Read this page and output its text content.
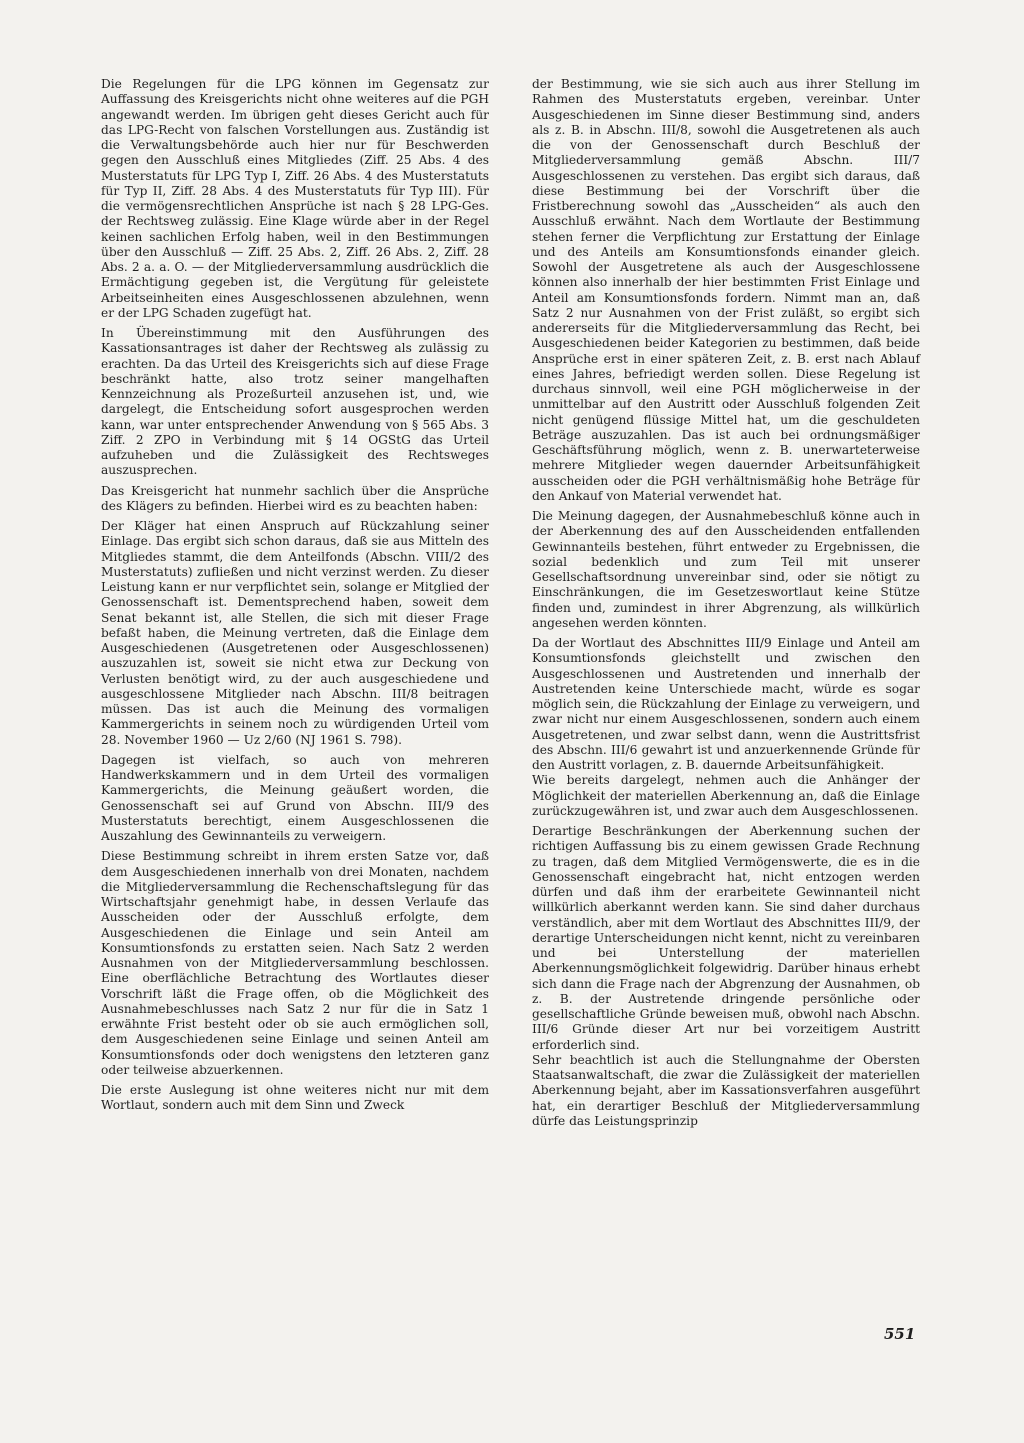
Die Regelungen für die LPG können im Gegensatz zur Auffassung des Kreisgerichts nicht ohne weiteres auf die PGH angewandt werden. Im übrigen geht dieses Gericht auch für das LPG-Recht von falschen Vorstellungen aus. Zuständig ist die Verwaltungsbehörde auch hier nur für Beschwerden gegen den Ausschluß eines Mitgliedes (Ziff. 25 Abs. 4 des Musterstatuts für LPG Typ I, Ziff. 26 Abs. 4 des Musterstatuts für Typ II, Ziff. 28 Abs. 4 des Musterstatuts für Typ III). Für die vermögensrechtlichen Ansprüche ist nach § 28 LPG-Ges. der Rechtsweg zulässig. Eine Klage würde aber in der Regel keinen sachlichen Erfolg haben, weil in den Bestimmungen über den Ausschluß — Ziff. 25 Abs. 2, Ziff. 26 Abs. 2, Ziff. 28 Abs. 2 a. a. O. — der Mitgliederversammlung ausdrücklich die Ermächtigung gegeben ist, die Vergütung für geleistete Arbeitseinheiten eines Ausgeschlossenen abzulehnen, wenn er der LPG Schaden zugefügt hat.

In Übereinstimmung mit den Ausführungen des Kassationsantrages ist daher der Rechtsweg als zulässig zu erachten. Da das Urteil des Kreisgerichts sich auf diese Frage beschränkt hatte, also trotz seiner mangelhaften Kennzeichnung als Prozeßurteil anzusehen ist, und, wie dargelegt, die Entscheidung sofort ausgesprochen werden kann, war unter entsprechender Anwendung von § 565 Abs. 3 Ziff. 2 ZPO in Verbindung mit § 14 OGStG das Urteil aufzuheben und die Zulässigkeit des Rechtsweges auszusprechen.

Das Kreisgericht hat nunmehr sachlich über die Ansprüche des Klägers zu befinden. Hierbei wird es zu beachten haben:

Der Kläger hat einen Anspruch auf Rückzahlung seiner Einlage. Das ergibt sich schon daraus, daß sie aus Mitteln des Mitgliedes stammt, die dem Anteilfonds (Abschn. VIII/2 des Musterstatuts) zufließen und nicht verzinst werden. Zu dieser Leistung kann er nur verpflichtet sein, solange er Mitglied der Genossenschaft ist. Dementsprechend haben, soweit dem Senat bekannt ist, alle Stellen, die sich mit dieser Frage befaßt haben, die Meinung vertreten, daß die Einlage dem Ausgeschiedenen (Ausgetretenen oder Ausgeschlossenen) auszuzahlen ist, soweit sie nicht etwa zur Deckung von Verlusten benötigt wird, zu der auch ausgeschiedene und ausgeschlossene Mitglieder nach Abschn. III/8 beitragen müssen. Das ist auch die Meinung des vormaligen Kammergerichts in seinem noch zu würdigenden Urteil vom 28. November 1960 — Uz 2/60 (NJ 1961 S. 798).

Dagegen ist vielfach, so auch von mehreren Handwerkskammern und in dem Urteil des vormaligen Kammergerichts, die Meinung geäußert worden, die Genossenschaft sei auf Grund von Abschn. III/9 des Musterstatuts berechtigt, einem Ausgeschlossenen die Auszahlung des Gewinnanteils zu verweigern.

Diese Bestimmung schreibt in ihrem ersten Satze vor, daß dem Ausgeschiedenen innerhalb von drei Monaten, nachdem die Mitgliederversammlung die Rechenschaftslegung für das Wirtschaftsjahr genehmigt habe, in dessen Verlaufe das Ausscheiden oder der Ausschluß erfolgte, dem Ausgeschiedenen die Einlage und sein Anteil am Konsumtionsfonds zu erstatten seien. Nach Satz 2 werden Ausnahmen von der Mitgliederversammlung beschlossen. Eine oberflächliche Betrachtung des Wortlautes dieser Vorschrift läßt die Frage offen, ob die Möglichkeit des Ausnahmebeschlusses nach Satz 2 nur für die in Satz 1 erwähnte Frist besteht oder ob sie auch ermöglichen soll, dem Ausgeschiedenen seine Einlage und seinen Anteil am Konsumtionsfonds oder doch wenigstens den letzteren ganz oder teilweise abzuerkennen.

Die erste Auslegung ist ohne weiteres nicht nur mit dem Wortlaut, sondern auch mit dem Sinn und Zweck

der Bestimmung, wie sie sich auch aus ihrer Stellung im Rahmen des Musterstatuts ergeben, vereinbar. Unter Ausgeschiedenen im Sinne dieser Bestimmung sind, anders als z. B. in Abschn. III/8, sowohl die Ausgetretenen als auch die von der Genossenschaft durch Beschluß der Mitgliederversammlung gemäß Abschn. III/7 Ausgeschlossenen zu verstehen. Das ergibt sich daraus, daß diese Bestimmung bei der Vorschrift über die Fristberechnung sowohl das „Ausscheiden“ als auch den Ausschluß erwähnt. Nach dem Wortlaute der Bestimmung stehen ferner die Verpflichtung zur Erstattung der Einlage und des Anteils am Konsumtionsfonds einander gleich. Sowohl der Ausgetretene als auch der Ausgeschlossene können also innerhalb der hier bestimmten Frist Einlage und Anteil am Konsumtionsfonds fordern. Nimmt man an, daß Satz 2 nur Ausnahmen von der Frist zuläßt, so ergibt sich andererseits für die Mitgliederversammlung das Recht, bei Ausgeschiedenen beider Kategorien zu bestimmen, daß beide Ansprüche erst in einer späteren Zeit, z. B. erst nach Ablauf eines Jahres, befriedigt werden sollen. Diese Regelung ist durchaus sinnvoll, weil eine PGH möglicherweise in der unmittelbar auf den Austritt oder Ausschluß folgenden Zeit nicht genügend flüssige Mittel hat, um die geschuldeten Beträge auszuzahlen. Das ist auch bei ordnungsmäßiger Geschäftsführung möglich, wenn z. B. unerwarteterweise mehrere Mitglieder wegen dauernder Arbeitsunfähigkeit ausscheiden oder die PGH verhältnismäßig hohe Beträge für den Ankauf von Material verwendet hat.

Die Meinung dagegen, der Ausnahmebeschluß könne auch in der Aberkennung des auf den Ausscheidenden entfallenden Gewinnanteils bestehen, führt entweder zu Ergebnissen, die sozial bedenklich und zum Teil mit unserer Gesellschaftsordnung unvereinbar sind, oder sie nötigt zu Einschränkungen, die im Gesetzeswortlaut keine Stütze finden und, zumindest in ihrer Abgrenzung, als willkürlich angesehen werden könnten.

Da der Wortlaut des Abschnittes III/9 Einlage und Anteil am Konsumtionsfonds gleichstellt und zwischen den Ausgeschlossenen und Austretenden und innerhalb der Austretenden keine Unterschiede macht, würde es sogar möglich sein, die Rückzahlung der Einlage zu verweigern, und zwar nicht nur einem Ausgeschlossenen, sondern auch einem Ausgetretenen, und zwar selbst dann, wenn die Austrittsfrist des Abschn. III/6 gewahrt ist und anzuerkennende Gründe für den Austritt vorlagen, z. B. dauernde Arbeitsunfähigkeit.

Wie bereits dargelegt, nehmen auch die Anhänger der Möglichkeit der materiellen Aberkennung an, daß die Einlage zurückzugewähren ist, und zwar auch dem Ausgeschlossenen.

Derartige Beschränkungen der Aberkennung suchen der richtigen Auffassung bis zu einem gewissen Grade Rechnung zu tragen, daß dem Mitglied Vermögenswerte, die es in die Genossenschaft eingebracht hat, nicht entzogen werden dürfen und daß ihm der erarbeitete Gewinnanteil nicht willkürlich aberkannt werden kann. Sie sind daher durchaus verständlich, aber mit dem Wortlaut des Abschnittes III/9, der derartige Unterscheidungen nicht kennt, nicht zu vereinbaren und bei Unterstellung der materiellen Aberkennungsmöglichkeit folgewidrig. Darüber hinaus erhebt sich dann die Frage nach der Abgrenzung der Ausnahmen, ob z. B. der Austretende dringende persönliche oder gesellschaftliche Gründe beweisen muß, obwohl nach Abschn. III/6 Gründe dieser Art nur bei vorzeitigem Austritt erforderlich sind.

Sehr beachtlich ist auch die Stellungnahme der Obersten Staatsanwaltschaft, die zwar die Zulässigkeit der materiellen Aberkennung bejaht, aber im Kassationsverfahren ausgeführt hat, ein derartiger Beschluß der Mitgliederversammlung dürfe das Leistungsprinzip

551
